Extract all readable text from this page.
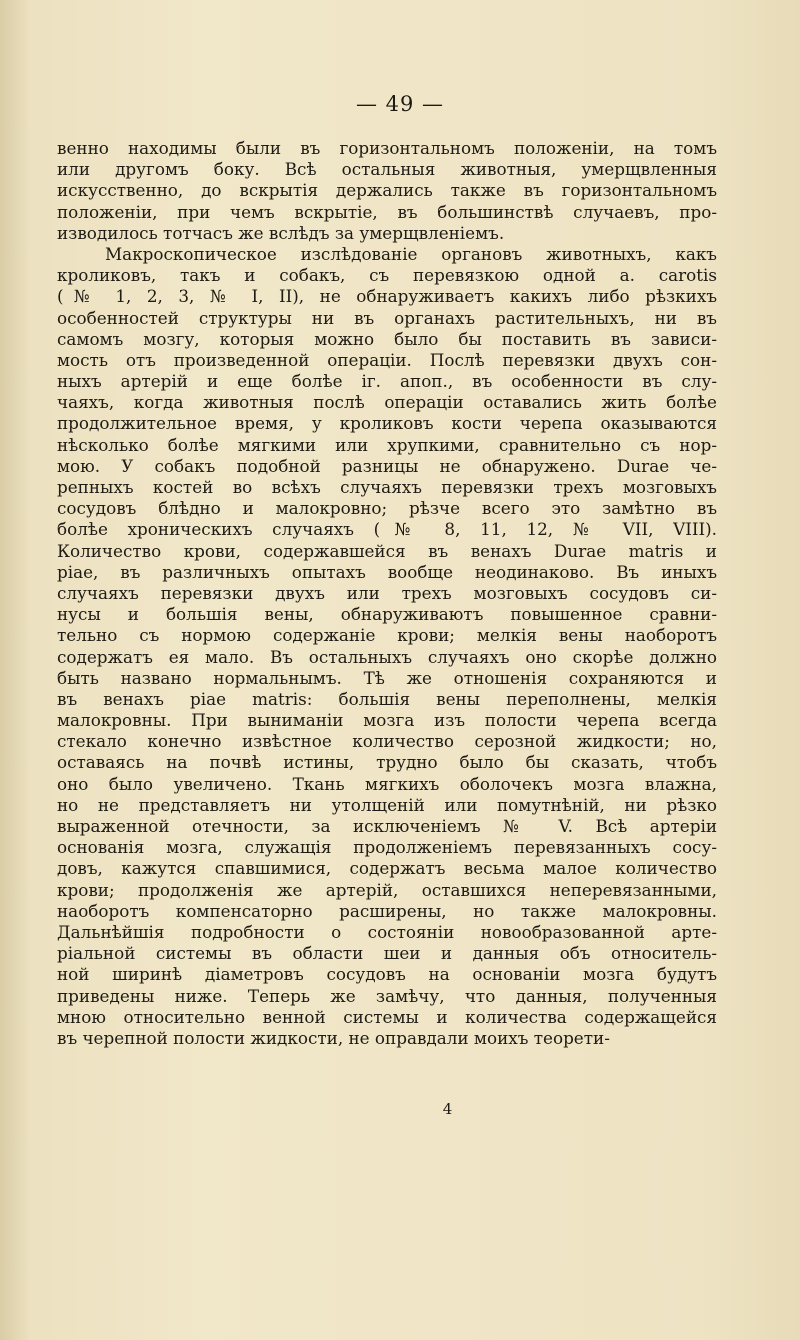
— 49 —
венно находимы были въ горизонтальномъ положеніи, на томъ
или другомъ боку. Всѣ остальныя животныя, умерщвленныя
искусственно, до вскрытія держались также въ горизонтальномъ
положеніи, при чемъ вскрытіе, въ большинствѣ случаевъ, про-
изводилось тотчасъ же вслѣдъ за умерщвленіемъ.
Макроскопическое изслѣдованіе органовъ животныхъ, какъ
кроликовъ, такъ и собакъ, съ перевязкою одной а. carotis
(№ 1, 2, 3, № I, II), не обнаруживаетъ какихъ либо рѣзкихъ
особенностей структуры ни въ органахъ растительныхъ, ни въ
самомъ мозгу, которыя можно было бы поставить въ зависи-
мость отъ произведенной операціи. Послѣ перевязки двухъ сон-
ныхъ артерій и еще болѣе іг. апоп., въ особенности въ слу-
чаяхъ, когда животныя послѣ операціи оставались жить болѣе
продолжительное время, у кроликовъ кости черепа оказываются
нѣсколько болѣе мягкими или хрупкими, сравнительно съ нор-
мою. У собакъ подобной разницы не обнаружено. Durae че-
репныхъ костей во всѣхъ случаяхъ перевязки трехъ мозговыхъ
сосудовъ блѣдно и малокровно; рѣзче всего это замѣтно въ
болѣе хроническихъ случаяхъ (№ 8, 11, 12, № VII, VIII).
Количество крови, содержавшейся въ венахъ Durae matris и
piae, въ различныхъ опытахъ вообще неодинаково. Въ иныхъ
случаяхъ перевязки двухъ или трехъ мозговыхъ сосудовъ си-
нусы и большія вены, обнаруживаютъ повышенное сравни-
тельно съ нормою содержаніе крови; мелкія вены наоборотъ
содержатъ ея мало. Въ остальныхъ случаяхъ оно скорѣе должно
быть названо нормальнымъ. Тѣ же отношенія сохраняются и
въ венахъ piae matris: большія вены переполнены, мелкія
малокровны. При выниманіи мозга изъ полости черепа всегда
стекало конечно извѣстное количество серозной жидкости; но,
оставаясь на почвѣ истины, трудно было бы сказать, чтобъ
оно было увеличено. Ткань мягкихъ оболочекъ мозга влажна,
но не представляетъ ни утолщеній или помутнѣній, ни рѣзко
выраженной отечности, за исключеніемъ № V. Всѣ артеріи
основанія мозга, служащія продолженіемъ перевязанныхъ сосу-
довъ, кажутся спавшимися, содержатъ весьма малое количество
крови; продолженія же артерій, оставшихся неперевязанными,
наоборотъ компенсаторно расширены, но также малокровны.
Дальнѣйшія подробности о состояніи новообразованной арте-
ріальной системы въ области шеи и данныя объ относитель-
ной ширинѣ діаметровъ сосудовъ на основаніи мозга будутъ
приведены ниже. Теперь же замѣчу, что данныя, полученныя
мною относительно венной системы и количества содержащейся
въ черепной полости жидкости, не оправдали моихъ теорети-
4
